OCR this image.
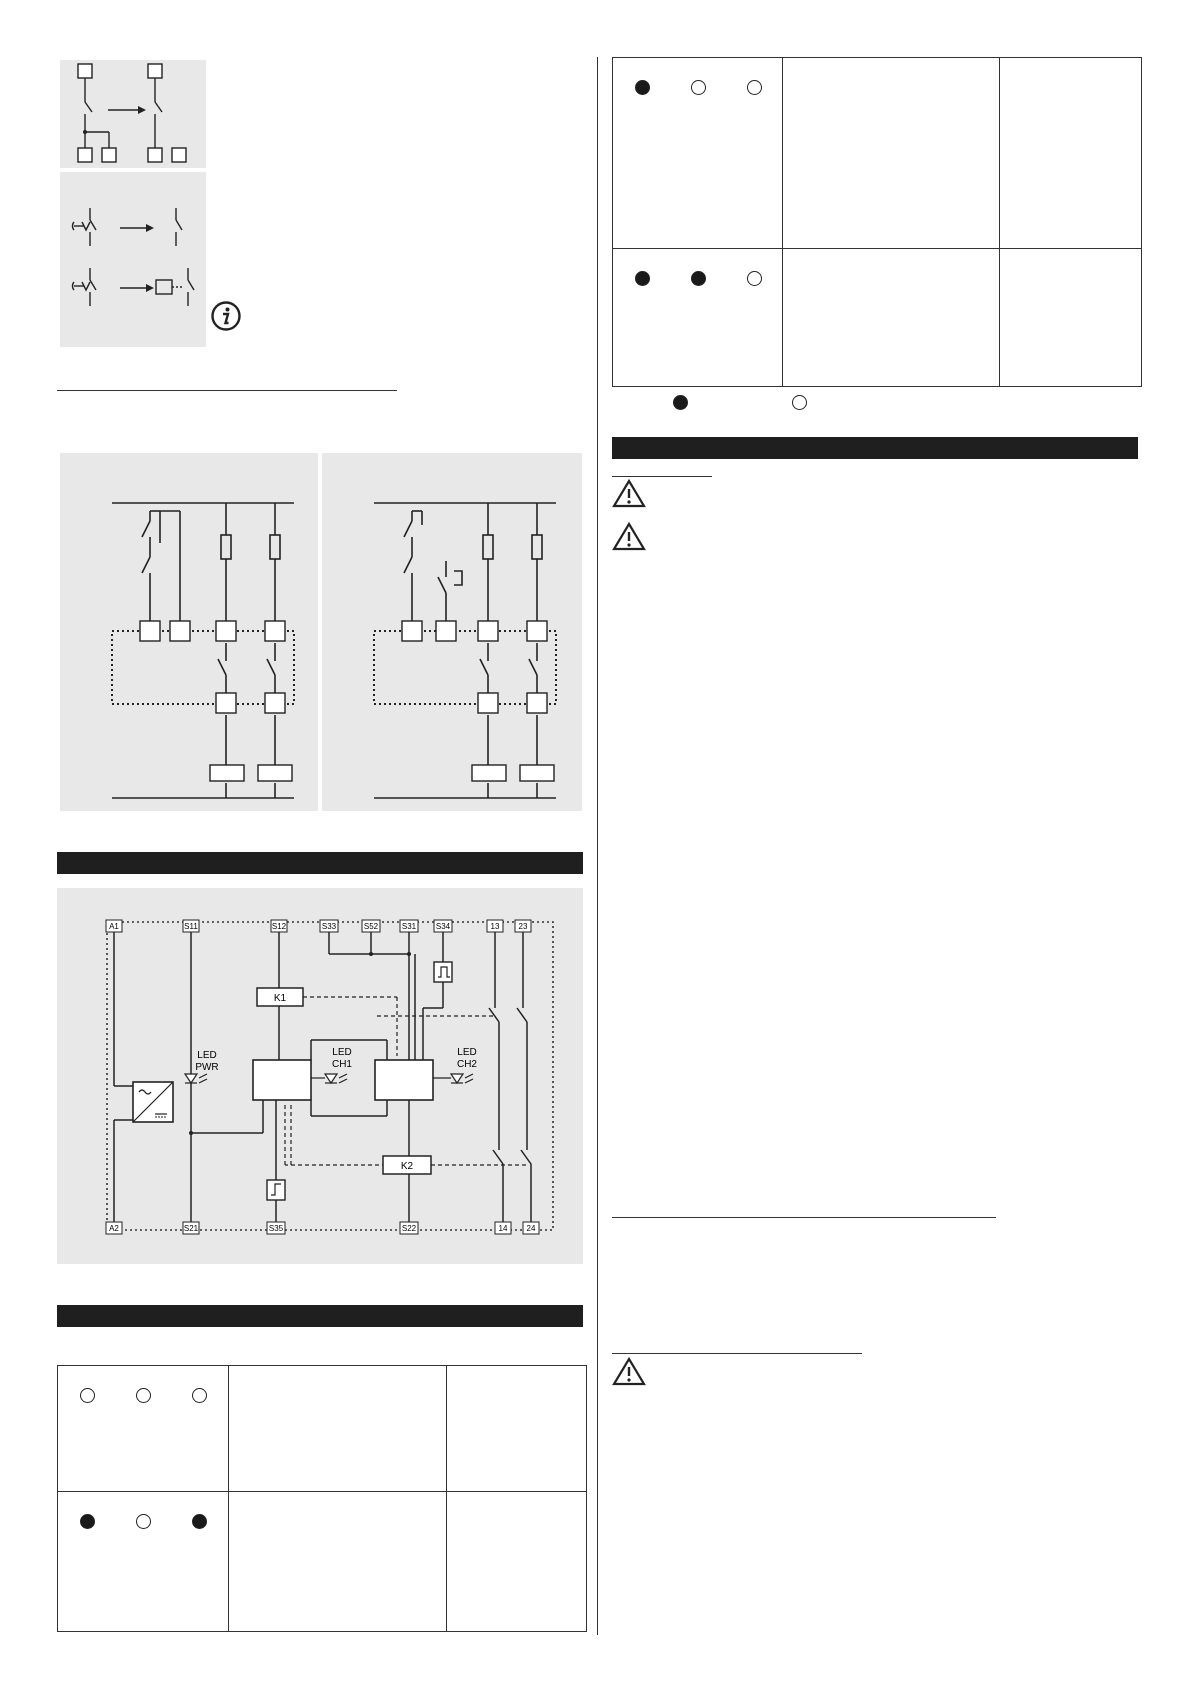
K1
K2
LED PWR
LED CH1
LED CH2
A1	S11	S12	S33	S52	S31 S34	13 23
A2	S21	S35	S22	14 24
